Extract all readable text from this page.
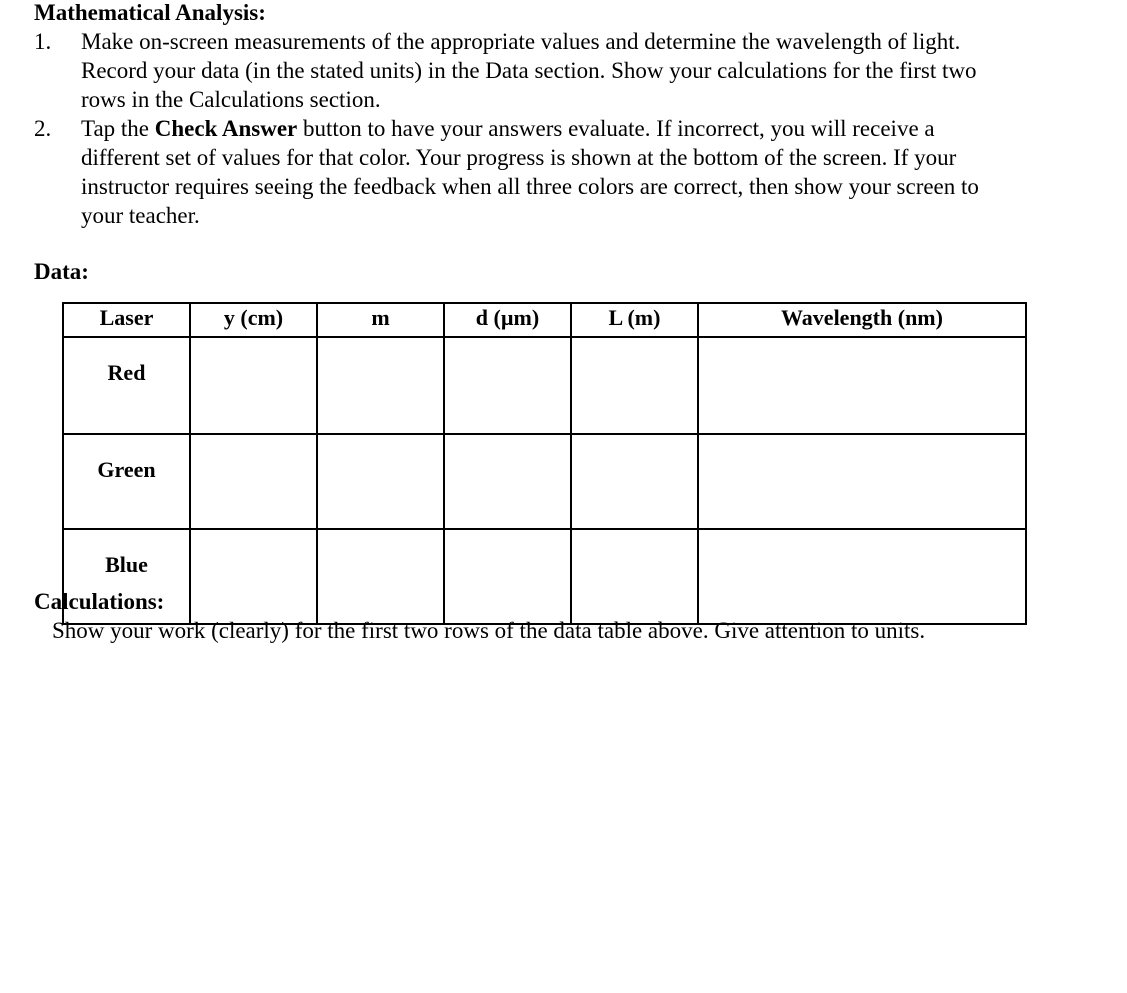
Mathematical Analysis:
1.	Make on-screen measurements of the appropriate values and determine the wavelength of light.
Record your data (in the stated units) in the Data section. Show your calculations for the first two
rows in the Calculations section.
2.	Tap the Check Answer button to have your answers evaluate. If incorrect, you will receive a
different set of values for that color. Your progress is shown at the bottom of the screen. If your
instructor requires seeing the feedback when all three colors are correct, then show your screen to
your teacher.
Data:
Laser	y (cm)	m	d (µm)	L (m)	Wavelength (nm)
Red					
Green					
Blue					
Calculations:
Show your work (clearly) for the first two rows of the data table above. Give attention to units.
